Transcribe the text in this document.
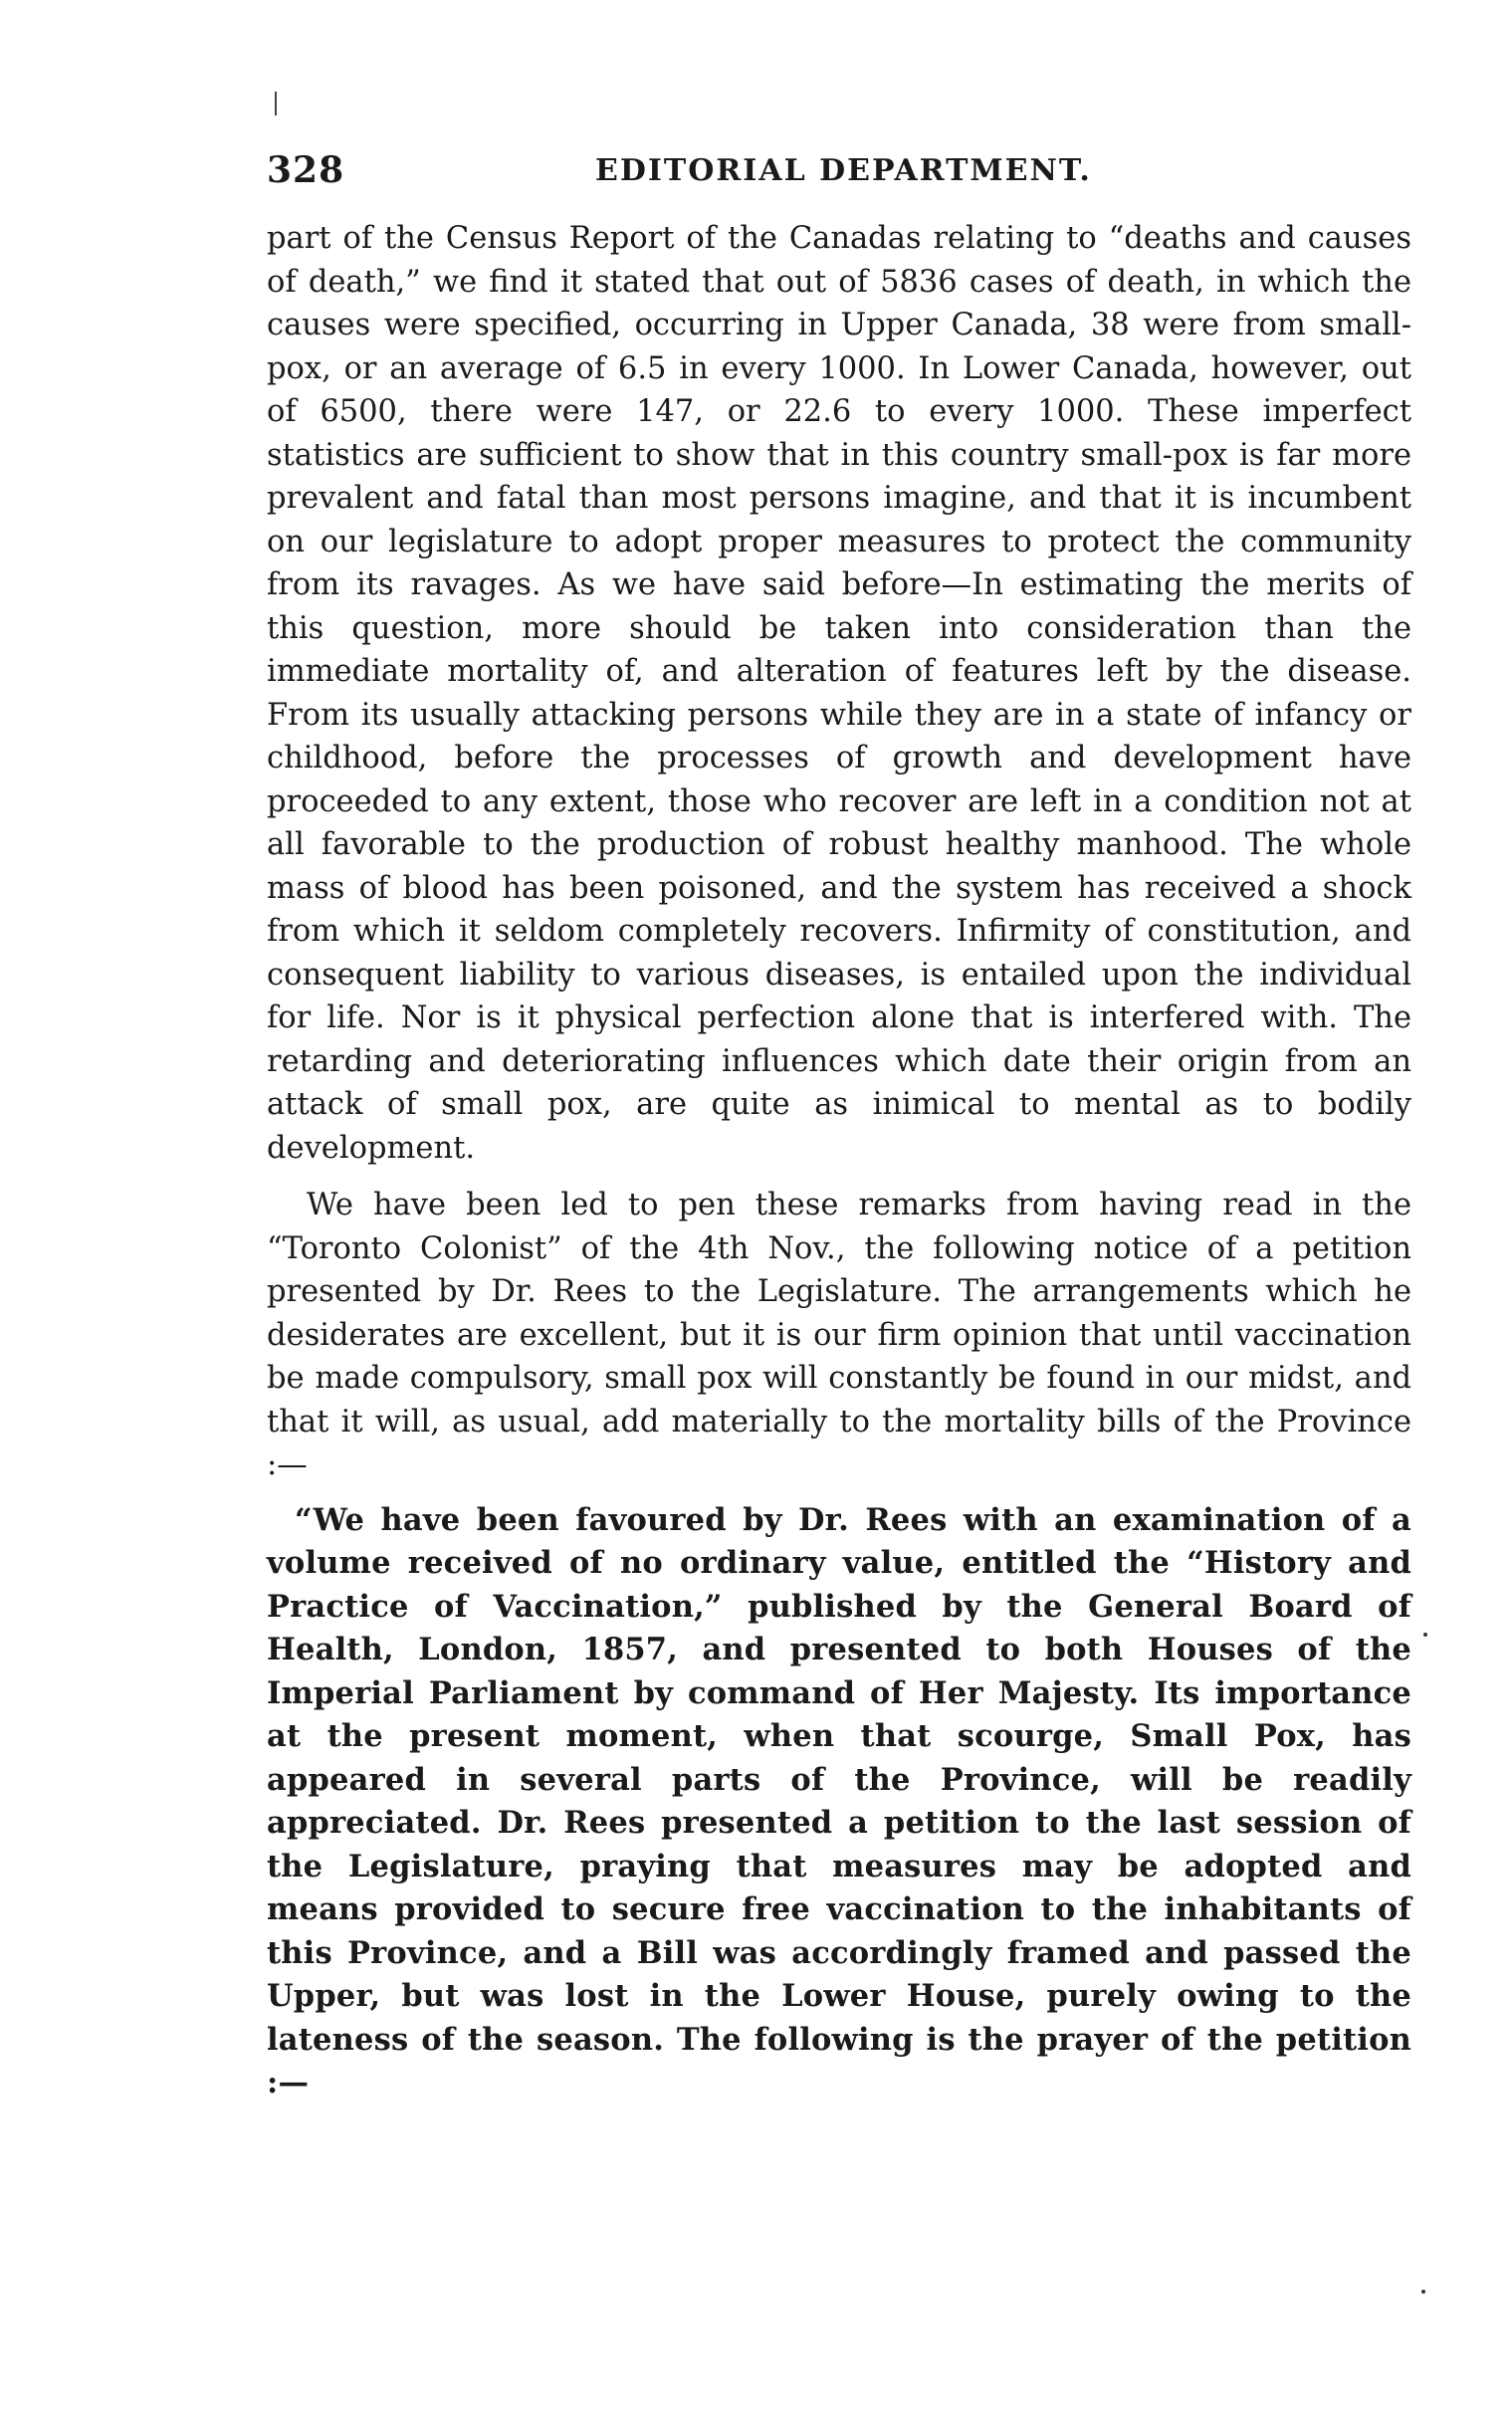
328	EDITORIAL DEPARTMENT.

part of the Census Report of the Canadas relating to “deaths and causes of death,” we find it stated that out of 5836 cases of death, in which the causes were specified, occurring in Upper Canada, 38 were from small-pox, or an average of 6.5 in every 1000. In Lower Canada, however, out of 6500, there were 147, or 22.6 to every 1000. These imperfect statistics are sufficient to show that in this country small-pox is far more prevalent and fatal than most persons imagine, and that it is incumbent on our legislature to adopt proper measures to protect the community from its ravages. As we have said before—In estimating the merits of this question, more should be taken into consideration than the immediate mortality of, and alteration of features left by the disease. From its usually attacking persons while they are in a state of infancy or childhood, before the processes of growth and development have proceeded to any extent, those who recover are left in a condition not at all favorable to the production of robust healthy manhood. The whole mass of blood has been poisoned, and the system has received a shock from which it seldom completely recovers. Infirmity of constitution, and consequent liability to various diseases, is entailed upon the individual for life. Nor is it physical perfection alone that is interfered with. The retarding and deteriorating influences which date their origin from an attack of small pox, are quite as inimical to mental as to bodily development.

We have been led to pen these remarks from having read in the “Toronto Colonist” of the 4th Nov., the following notice of a petition presented by Dr. Rees to the Legislature. The arrangements which he desiderates are excellent, but it is our firm opinion that until vaccination be made compulsory, small pox will constantly be found in our midst, and that it will, as usual, add materially to the mortality bills of the Province :—

“We have been favoured by Dr. Rees with an examination of a volume received of no ordinary value, entitled the “History and Practice of Vaccination,” published by the General Board of Health, London, 1857, and presented to both Houses of the Imperial Parliament by command of Her Majesty. Its importance at the present moment, when that scourge, Small Pox, has appeared in several parts of the Province, will be readily appreciated. Dr. Rees presented a petition to the last session of the Legislature, praying that measures may be adopted and means provided to secure free vaccination to the inhabitants of this Province, and a Bill was accordingly framed and passed the Upper, but was lost in the Lower House, purely owing to the lateness of the season. The following is the prayer of the petition :—
